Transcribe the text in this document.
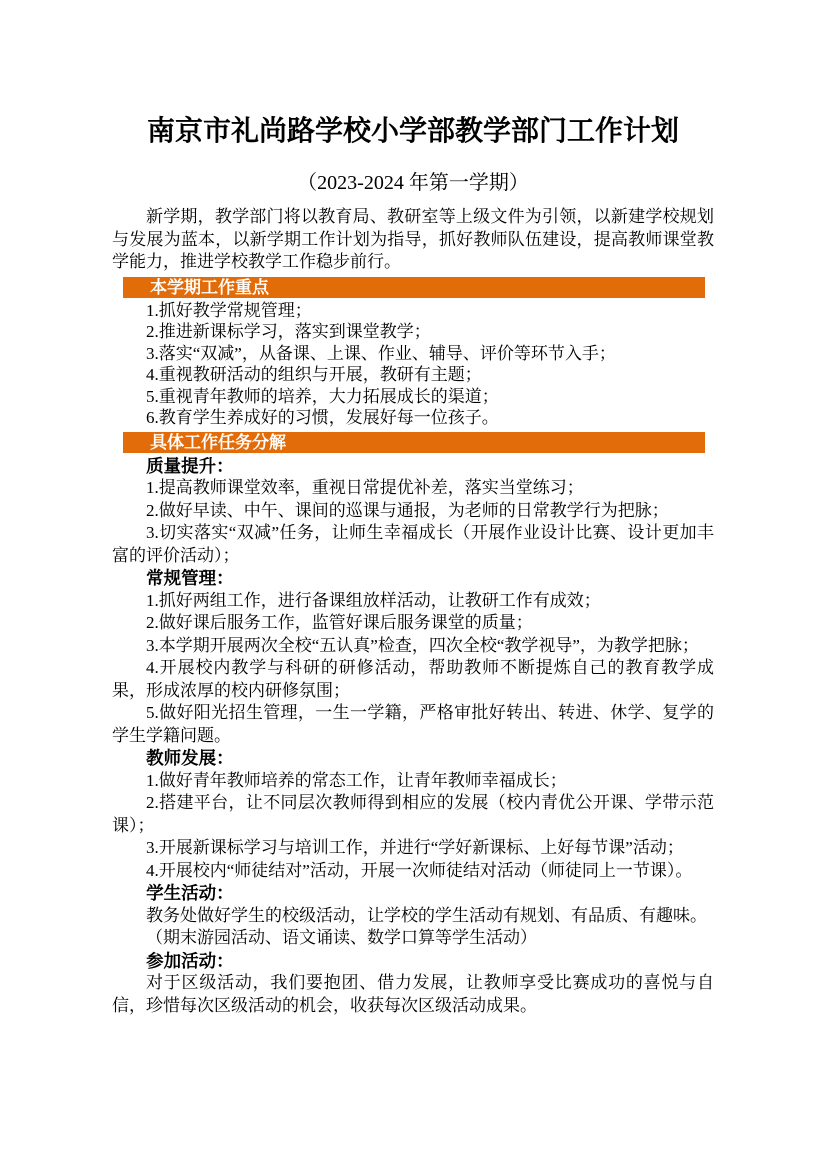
南京市礼尚路学校小学部教学部门工作计划
（2023-2024 年第一学期）

新学期，教学部门将以教育局、教研室等上级文件为引领，以新建学校规划与发展为蓝本，以新学期工作计划为指导，抓好教师队伍建设，提高教师课堂教学能力，推进学校教学工作稳步前行。

本学期工作重点

1.抓好教学常规管理；

2.推进新课标学习，落实到课堂教学；

3.落实“双减”，从备课、上课、作业、辅导、评价等环节入手；

4.重视教研活动的组织与开展，教研有主题；

5.重视青年教师的培养，大力拓展成长的渠道；

6.教育学生养成好的习惯，发展好每一位孩子。

具体工作任务分解

质量提升：

1.提高教师课堂效率，重视日常提优补差，落实当堂练习；

2.做好早读、中午、课间的巡课与通报，为老师的日常教学行为把脉；

3.切实落实“双减”任务，让师生幸福成长（开展作业设计比赛、设计更加丰富的评价活动）；

常规管理：

1.抓好两组工作，进行备课组放样活动，让教研工作有成效；

2.做好课后服务工作，监管好课后服务课堂的质量；

3.本学期开展两次全校“五认真”检查，四次全校“教学视导”，为教学把脉；

4.开展校内教学与科研的研修活动，帮助教师不断提炼自己的教育教学成果，形成浓厚的校内研修氛围；

5.做好阳光招生管理，一生一学籍，严格审批好转出、转进、休学、复学的学生学籍问题。

教师发展：

1.做好青年教师培养的常态工作，让青年教师幸福成长；

2.搭建平台，让不同层次教师得到相应的发展（校内青优公开课、学带示范课）；

3.开展新课标学习与培训工作，并进行“学好新课标、上好每节课”活动；

4.开展校内“师徒结对”活动，开展一次师徒结对活动（师徒同上一节课）。

学生活动：

教务处做好学生的校级活动，让学校的学生活动有规划、有品质、有趣味。

（期末游园活动、语文诵读、数学口算等学生活动）

参加活动：

对于区级活动，我们要抱团、借力发展，让教师享受比赛成功的喜悦与自信，珍惜每次区级活动的机会，收获每次区级活动成果。
